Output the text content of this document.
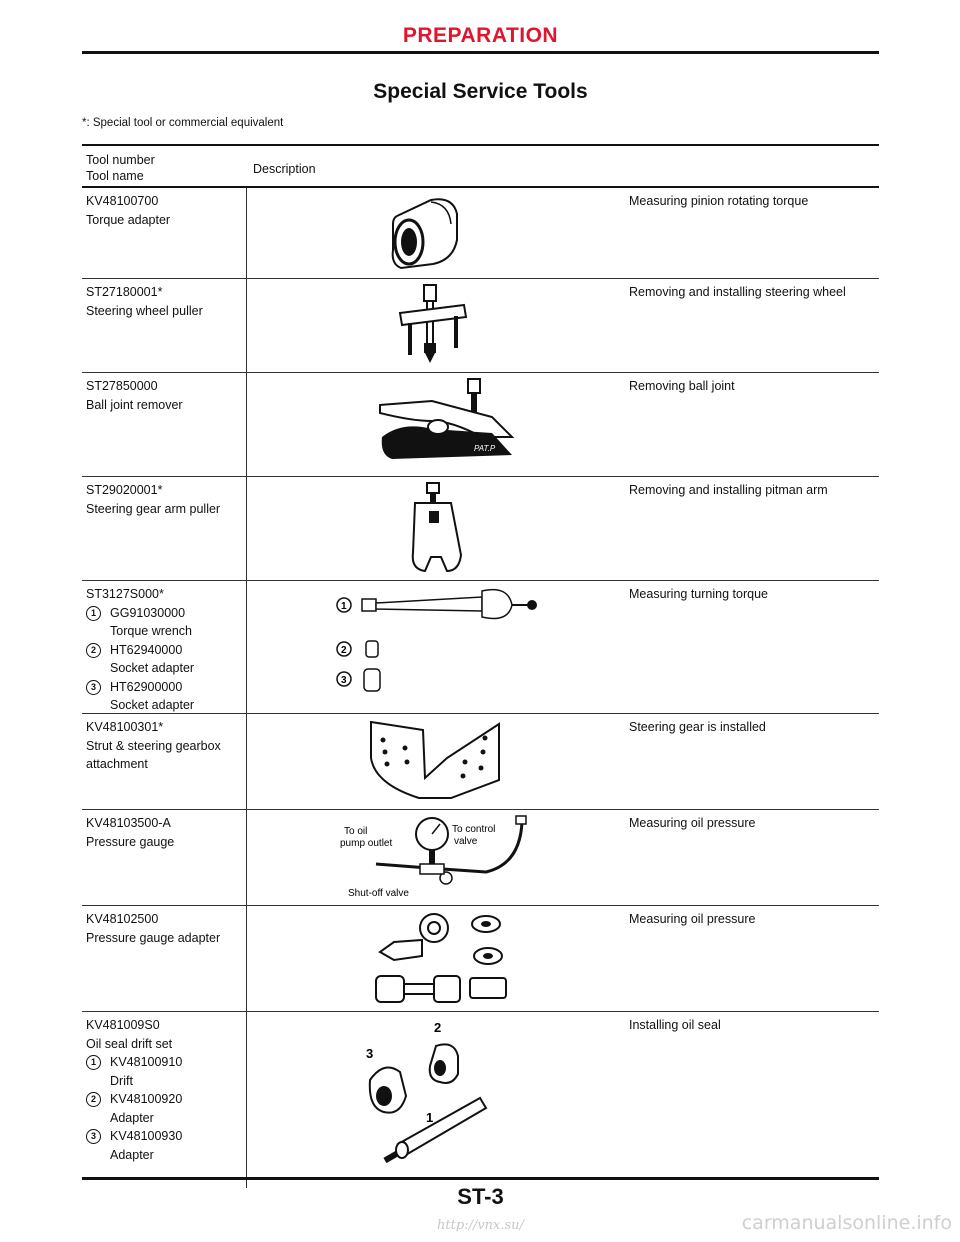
PREPARATION
Special Service Tools
*: Special tool or commercial equivalent
Tool number
Tool name	Description
KV48100700
Torque adapter
Measuring pinion rotating torque
ST27180001*
Steering wheel puller
Removing and installing steering wheel
ST27850000
Ball joint remover
PAT.P
Removing ball joint
ST29020001*
Steering gear arm puller
Removing and installing pitman arm
ST3127S000*
1	GG91030000
Torque wrench
2	HT62940000
Socket adapter
3	HT62900000
Socket adapter
1
2
3
Measuring turning torque
KV48100301*
Strut & steering gearbox
attachment
Steering gear is installed
KV48103500-A
Pressure gauge
To oil
pump outlet
To control
valve
Shut-off valve
Measuring oil pressure
KV48102500
Pressure gauge adapter
Measuring oil pressure
KV481009S0
Oil seal drift set
1	KV48100910
Drift
2	KV48100920
Adapter
3	KV48100930
Adapter
2
3
1
Installing oil seal
ST-3
http://vnx.su/	carmanualsonline.info
